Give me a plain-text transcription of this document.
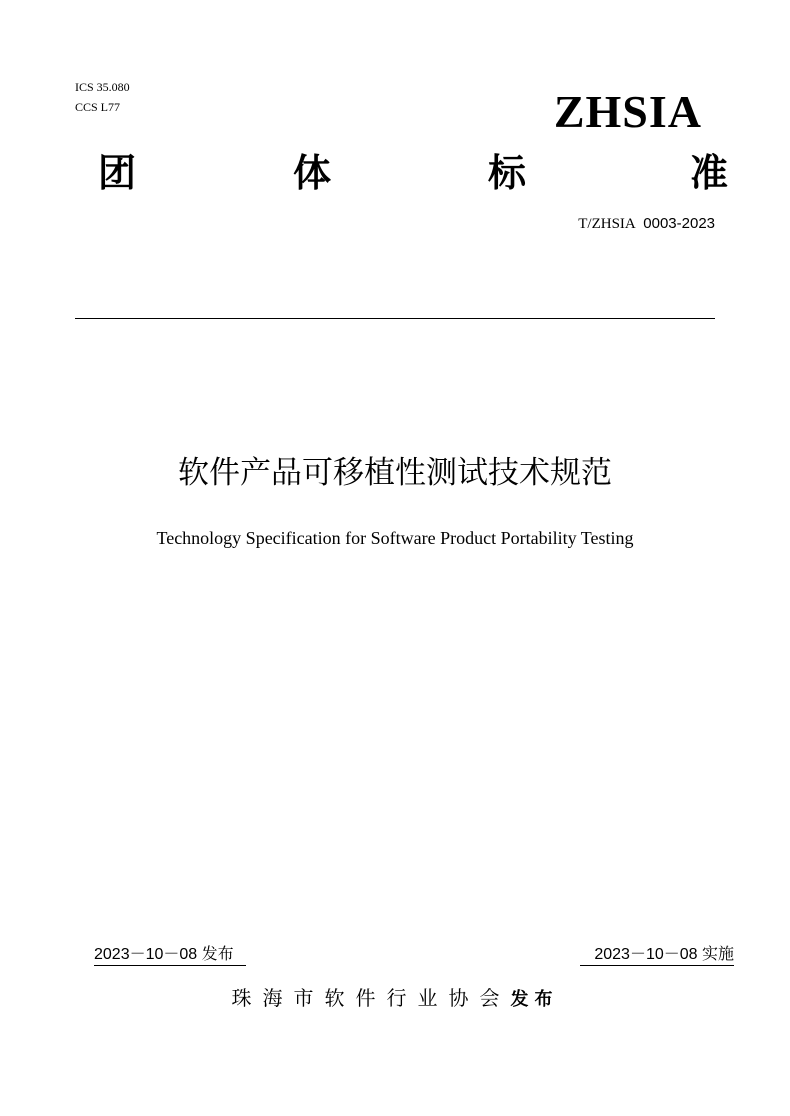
ICS 35.080
CCS L77	ZHSIA
团	体	标	准
T/ZHSIA 0003-2023
软件产品可移植性测试技术规范
Technology Specification for Software Product Portability Testing
2023－10－08 发布	2023－10－08 实施
珠海市软件行业协会发布
